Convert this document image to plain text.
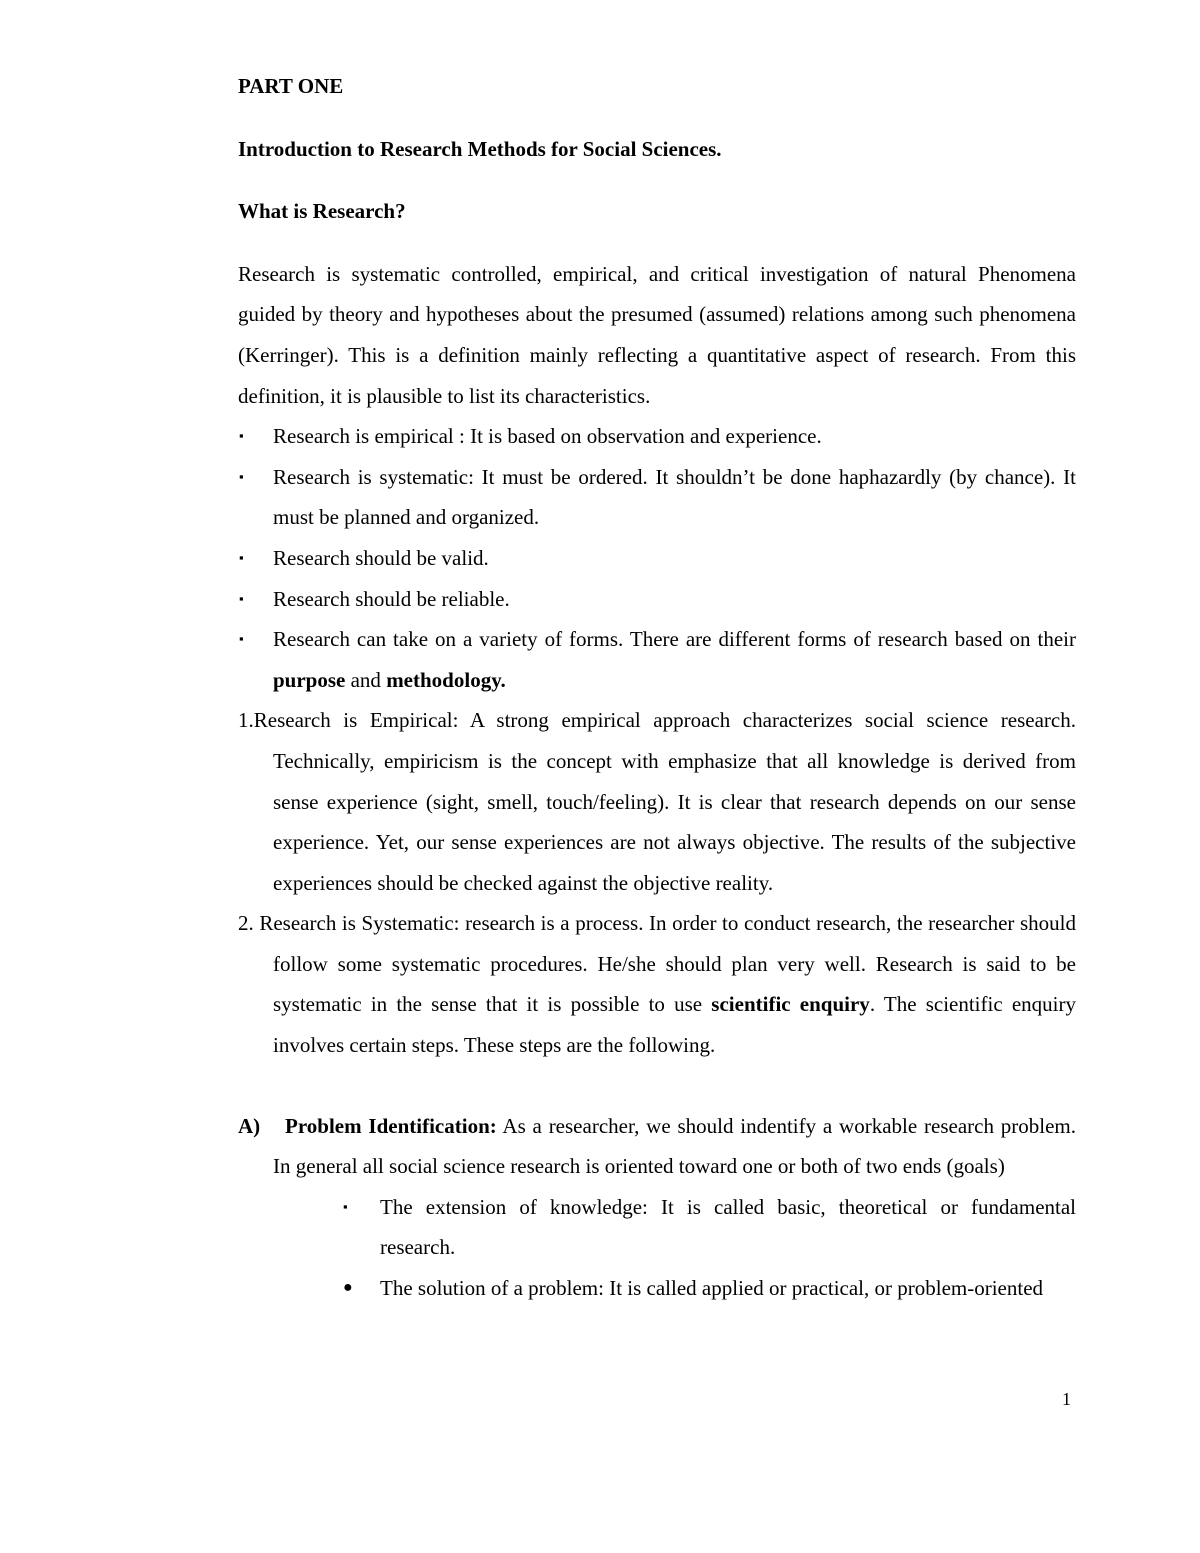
PART ONE
Introduction to Research Methods for Social Sciences.
What is Research?

Research is systematic controlled, empirical, and critical investigation of natural Phenomena guided by theory and hypotheses about the presumed (assumed) relations among such phenomena (Kerringer). This is a definition mainly reflecting a quantitative aspect of research. From this definition, it is plausible to list its characteristics.

▪ Research is empirical : It is based on observation and experience.
▪ Research is systematic: It must be ordered. It shouldn’t be done haphazardly (by chance). It must be planned and organized.
▪ Research should be valid.
▪ Research should be reliable.
▪ Research can take on a variety of forms. There are different forms of research based on their purpose and methodology.
1.Research is Empirical: A strong empirical approach characterizes social science research. Technically, empiricism is the concept with emphasize that all knowledge is derived from sense experience (sight, smell, touch/feeling). It is clear that research depends on our sense experience. Yet, our sense experiences are not always objective. The results of the subjective experiences should be checked against the objective reality.
2. Research is Systematic: research is a process. In order to conduct research, the researcher should follow some systematic procedures. He/she should plan very well. Research is said to be systematic in the sense that it is possible to use scientific enquiry. The scientific enquiry involves certain steps. These steps are the following.
A) Problem Identification: As a researcher, we should indentify a workable research problem. In general all social science research is oriented toward one or both of two ends (goals)
▪ The extension of knowledge: It is called basic, theoretical or fundamental research.
● The solution of a problem: It is called applied or practical, or problem-oriented
1
